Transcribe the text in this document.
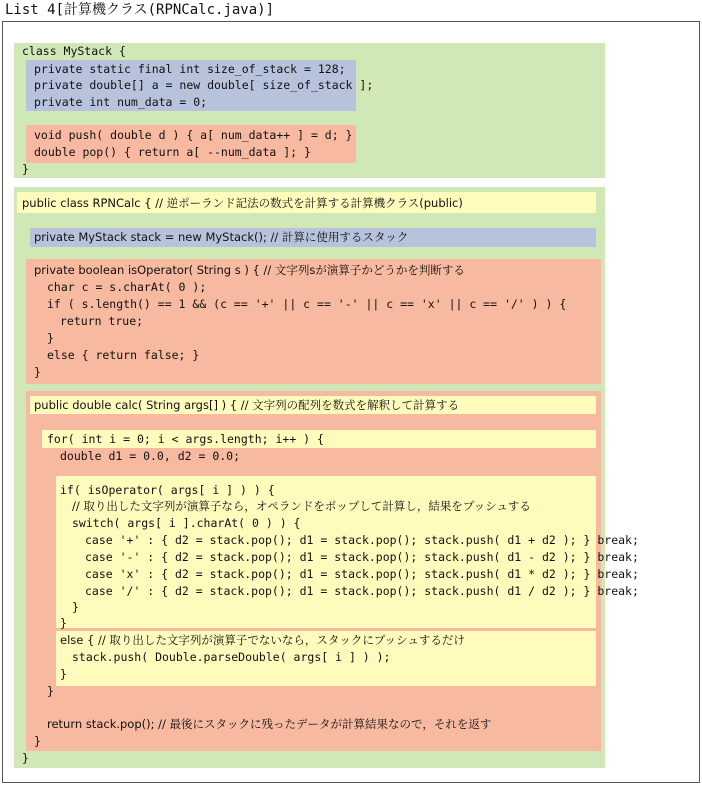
List 4[計算機クラス(RPNCalc.java)]
class MyStack {
private static final int size_of_stack = 128;
private double[] a = new double[ size_of_stack ];
private int num_data = 0;
void push( double d ) { a[ num_data++ ] = d; }
double pop() { return a[ --num_data ]; }
}
public class RPNCalc { // 逆ポーランド記法の数式を計算する計算機クラス(public)
private MyStack stack = new MyStack(); // 計算に使用するスタック
private boolean isOperator( String s ) { // 文字列sが演算子かどうかを判断する
char c = s.charAt( 0 );
if ( s.length() == 1 && (c == '+' || c == '-' || c == 'x' || c == '/' ) ) {
return true;
}
else { return false; }
}
public double calc( String args[] ) { // 文字列の配列を数式を解釈して計算する
for( int i = 0; i < args.length; i++ ) {
double d1 = 0.0, d2 = 0.0;
if( isOperator( args[ i ] ) ) {
// 取り出した文字列が演算子なら，オペランドをポップして計算し，結果をプッシュする
switch( args[ i ].charAt( 0 ) ) {
case '+' : { d2 = stack.pop(); d1 = stack.pop(); stack.push( d1 + d2 ); } break;
case '-' : { d2 = stack.pop(); d1 = stack.pop(); stack.push( d1 - d2 ); } break;
case 'x' : { d2 = stack.pop(); d1 = stack.pop(); stack.push( d1 * d2 ); } break;
case '/' : { d2 = stack.pop(); d1 = stack.pop(); stack.push( d1 / d2 ); } break;
}
}
else { // 取り出した文字列が演算子でないなら，スタックにプッシュするだけ
stack.push( Double.parseDouble( args[ i ] ) );
}
}
return stack.pop(); // 最後にスタックに残ったデータが計算結果なので，それを返す
}
}
